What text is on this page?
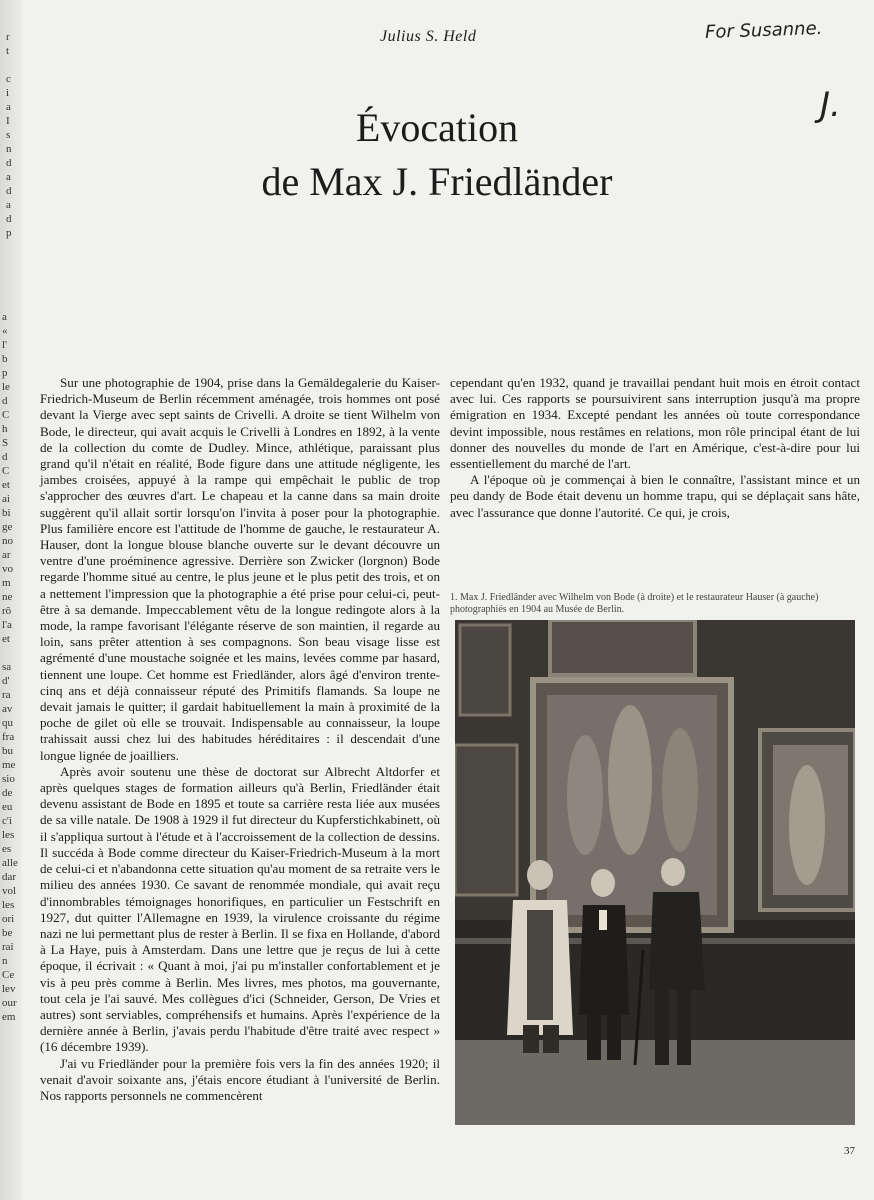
r
t

c
i
a
I
s
n
d
a
d
a
d
p
a
«
l'
b
p
le
d
C
h
S
d
C
et
ai
bi
ge
no
ar
vo
m
ne
rô
l'a
et

sa
d'
ra
av
qu
fra
bu
me
sio
de
eu
c'i
les
es
alle
dar
vol
les
ori
be
rai
n
Ce
lev
our
em
Julius S. Held	For Susanne.
J.
Évocation
de Max J. Friedländer

Sur une photographie de 1904, prise dans la Gemäldegalerie du Kaiser-Friedrich-Museum de Berlin récemment aménagée, trois hommes ont posé devant la Vierge avec sept saints de Crivelli. A droite se tient Wilhelm von Bode, le directeur, qui avait acquis le Crivelli à Londres en 1892, à la vente de la collection du comte de Dudley. Mince, athlétique, paraissant plus grand qu'il n'était en réalité, Bode figure dans une attitude négligente, les jambes croisées, appuyé à la rampe qui empêchait le public de trop s'approcher des œuvres d'art. Le chapeau et la canne dans sa main droite suggèrent qu'il allait sortir lorsqu'on l'invita à poser pour la photographie. Plus familière encore est l'attitude de l'homme de gauche, le restaurateur A. Hauser, dont la longue blouse blanche ouverte sur le devant découvre un ventre d'une proéminence agressive. Derrière son Zwicker (lorgnon) Bode regarde l'homme situé au centre, le plus jeune et le plus petit des trois, et on a nettement l'impression que la photographie a été prise pour celui-ci, peut-être à sa demande. Impeccablement vêtu de la longue redingote alors à la mode, la rampe favorisant l'élégante réserve de son maintien, il regarde au loin, sans prêter attention à ses compagnons. Son beau visage lisse est agrémenté d'une moustache soignée et les mains, levées comme par hasard, tiennent une loupe. Cet homme est Friedländer, alors âgé d'environ trente-cinq ans et déjà connaisseur réputé des Primitifs flamands. Sa loupe ne devait jamais le quitter; il gardait habituellement la main à proximité de la poche de gilet où elle se trouvait. Indispensable au connaisseur, la loupe trahissait aussi chez lui des habitudes héréditaires : il descendait d'une longue lignée de joailliers.

Après avoir soutenu une thèse de doctorat sur Albrecht Altdorfer et après quelques stages de formation ailleurs qu'à Berlin, Friedländer était devenu assistant de Bode en 1895 et toute sa carrière resta liée aux musées de sa ville natale. De 1908 à 1929 il fut directeur du Kupferstichkabinett, où il s'appliqua surtout à l'étude et à l'accroissement de la collection de dessins. Il succéda à Bode comme directeur du Kaiser-Friedrich-Museum à la mort de celui-ci et n'abandonna cette situation qu'au moment de sa retraite vers le milieu des années 1930. Ce savant de renommée mondiale, qui avait reçu d'innombrables témoignages honorifiques, en particulier un Festschrift en 1927, dut quitter l'Allemagne en 1939, la virulence croissante du régime nazi ne lui permettant plus de rester à Berlin. Il se fixa en Hollande, d'abord à La Haye, puis à Amsterdam. Dans une lettre que je reçus de lui à cette époque, il écrivait : « Quant à moi, j'ai pu m'installer confortablement et je vis à peu près comme à Berlin. Mes livres, mes photos, ma gouvernante, tout cela je l'ai sauvé. Mes collègues d'ici (Schneider, Gerson, De Vries et autres) sont serviables, compréhensifs et humains. Après l'expérience de la dernière année à Berlin, j'avais perdu l'habitude d'être traité avec respect » (16 décembre 1939).

J'ai vu Friedländer pour la première fois vers la fin des années 1920; il venait d'avoir soixante ans, j'étais encore étudiant à l'université de Berlin. Nos rapports personnels ne commencèrent

cependant qu'en 1932, quand je travaillai pendant huit mois en étroit contact avec lui. Ces rapports se poursuivirent sans interruption jusqu'à ma propre émigration en 1934. Excepté pendant les années où toute correspondance devint impossible, nous restâmes en relations, mon rôle principal étant de lui donner des nouvelles du monde de l'art en Amérique, c'est-à-dire pour lui essentiellement du marché de l'art.

A l'époque où je commençai à bien le connaître, l'assistant mince et un peu dandy de Bode était devenu un homme trapu, qui se déplaçait sans hâte, avec l'assurance que donne l'autorité. Ce qui, je crois,

1. Max J. Friedländer avec Wilhelm von Bode (à droite) et le restaurateur Hauser (à gauche) photographiés en 1904 au Musée de Berlin.
37
